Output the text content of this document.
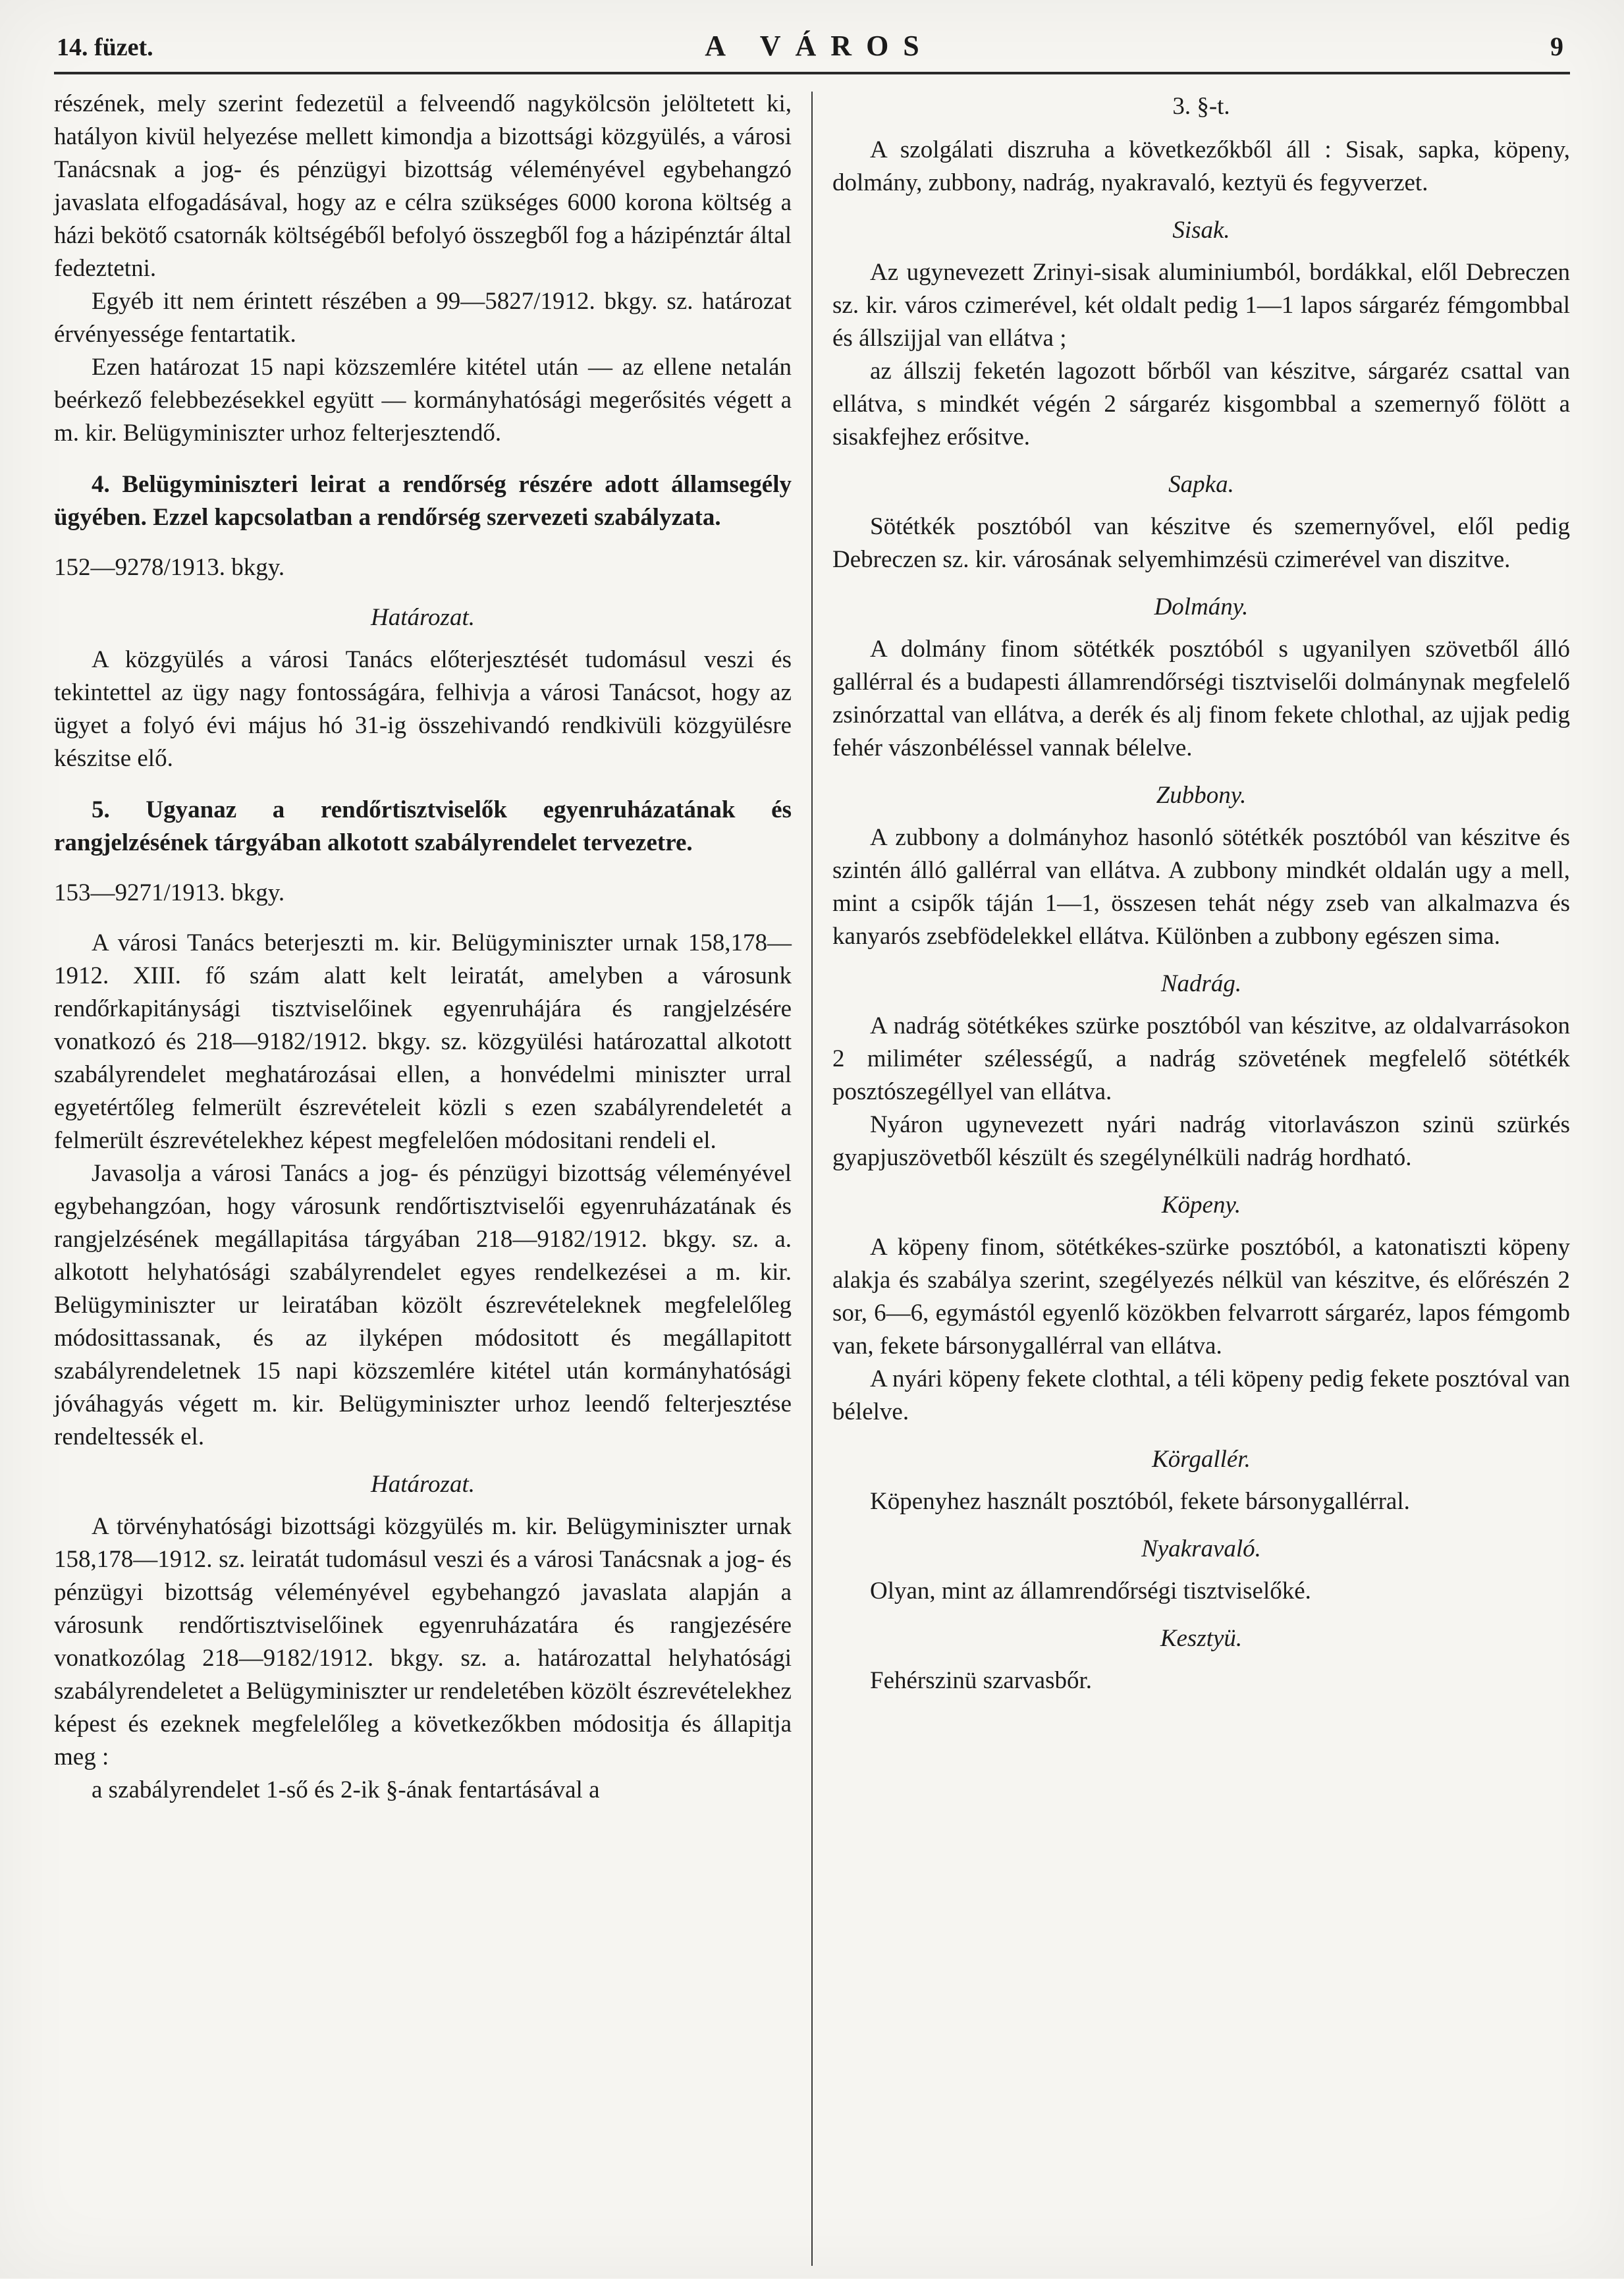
14. füzet.	A VÁROS	9

részének, mely szerint fedezetül a felveendő nagykölcsön jelöltetett ki, hatályon kivül helyezése mellett kimondja a bizottsági közgyülés, a városi Tanácsnak a jog- és pénzügyi bizottság véleményével egybehangzó javaslata elfogadásával, hogy az e célra szükséges 6000 korona költség a házi bekötő csatornák költségéből befolyó összegből fog a házipénztár által fedeztetni.

Egyéb itt nem érintett részében a 99—5827/1912. bkgy. sz. határozat érvényessége fentartatik.

Ezen határozat 15 napi közszemlére kitétel után — az ellene netalán beérkező felebbezésekkel együtt — kormányhatósági megerősités végett a m. kir. Belügyminiszter urhoz felterjesztendő.

4. Belügyminiszteri leirat a rendőrség részére adott államsegély ügyében. Ezzel kapcsolatban a rendőrség szervezeti szabályzata.

152—9278/1913. bkgy.

Határozat.

A közgyülés a városi Tanács előterjesztését tudomásul veszi és tekintettel az ügy nagy fontosságára, felhivja a városi Tanácsot, hogy az ügyet a folyó évi május hó 31-ig összehivandó rendkivüli közgyülésre készitse elő.

5. Ugyanaz a rendőrtisztviselők egyenruházatának és rangjelzésének tárgyában alkotott szabályrendelet tervezetre.

153—9271/1913. bkgy.

A városi Tanács beterjeszti m. kir. Belügyminiszter urnak 158,178—1912. XIII. fő szám alatt kelt leiratát, amelyben a városunk rendőrkapitánysági tisztviselőinek egyenruhájára és rangjelzésére vonatkozó és 218—9182/1912. bkgy. sz. közgyülési határozattal alkotott szabályrendelet meghatározásai ellen, a honvédelmi miniszter urral egyetértőleg felmerült észrevételeit közli s ezen szabályrendeletét a felmerült észrevételekhez képest megfelelően módositani rendeli el.

Javasolja a városi Tanács a jog- és pénzügyi bizottság véleményével egybehangzóan, hogy városunk rendőrtisztviselői egyenruházatának és rangjelzésének megállapitása tárgyában 218—9182/1912. bkgy. sz. a. alkotott helyhatósági szabályrendelet egyes rendelkezései a m. kir. Belügyminiszter ur leiratában közölt észrevételeknek megfelelőleg módosittassanak, és az ilyképen módositott és megállapitott szabályrendeletnek 15 napi közszemlére kitétel után kormányhatósági jóváhagyás végett m. kir. Belügyminiszter urhoz leendő felterjesztése rendeltessék el.

Határozat.

A törvényhatósági bizottsági közgyülés m. kir. Belügyminiszter urnak 158,178—1912. sz. leiratát tudomásul veszi és a városi Tanácsnak a jog- és pénzügyi bizottság véleményével egybehangzó javaslata alapján a városunk rendőrtisztviselőinek egyenruházatára és rangjezésére vonatkozólag 218—9182/1912. bkgy. sz. a. határozattal helyhatósági szabályrendeletet a Belügyminiszter ur rendeletében közölt észrevételekhez képest és ezeknek megfelelőleg a következőkben módositja és állapitja meg :

a szabályrendelet 1-ső és 2-ik §-ának fentartásával a

3. §-t.

A szolgálati diszruha a következőkből áll : Sisak, sapka, köpeny, dolmány, zubbony, nadrág, nyakravaló, keztyü és fegyverzet.

Sisak.

Az ugynevezett Zrinyi-sisak aluminiumból, bordákkal, elől Debreczen sz. kir. város czimerével, két oldalt pedig 1—1 lapos sárgaréz fémgombbal és állszijjal van ellátva ;

az állszij feketén lagozott bőrből van készitve, sárgaréz csattal van ellátva, s mindkét végén 2 sárgaréz kisgombbal a szemernyő fölött a sisakfejhez erősitve.

Sapka.

Sötétkék posztóból van készitve és szemernyővel, elől pedig Debreczen sz. kir. városának selyemhimzésü czimerével van diszitve.

Dolmány.

A dolmány finom sötétkék posztóból s ugyanilyen szövetből álló gallérral és a budapesti államrendőrségi tisztviselői dolmánynak megfelelő zsinórzattal van ellátva, a derék és alj finom fekete chlothal, az ujjak pedig fehér vászonbéléssel vannak bélelve.

Zubbony.

A zubbony a dolmányhoz hasonló sötétkék posztóból van készitve és szintén álló gallérral van ellátva. A zubbony mindkét oldalán ugy a mell, mint a csipők táján 1—1, összesen tehát négy zseb van alkalmazva és kanyarós zsebfödelekkel ellátva. Különben a zubbony egészen sima.

Nadrág.

A nadrág sötétkékes szürke posztóból van készitve, az oldalvarrásokon 2 miliméter szélességű, a nadrág szövetének megfelelő sötétkék posztószegéllyel van ellátva.

Nyáron ugynevezett nyári nadrág vitorlavászon szinü szürkés gyapjuszövetből készült és szegélynélküli nadrág hordható.

Köpeny.

A köpeny finom, sötétkékes-szürke posztóból, a katonatiszti köpeny alakja és szabálya szerint, szegélyezés nélkül van készitve, és előrészén 2 sor, 6—6, egymástól egyenlő közökben felvarrott sárgaréz, lapos fémgomb van, fekete bársonygallérral van ellátva.

A nyári köpeny fekete clothtal, a téli köpeny pedig fekete posztóval van bélelve.

Körgallér.

Köpenyhez használt posztóból, fekete bársonygallérral.

Nyakravaló.

Olyan, mint az államrendőrségi tisztviselőké.

Kesztyü.

Fehérszinü szarvasbőr.
